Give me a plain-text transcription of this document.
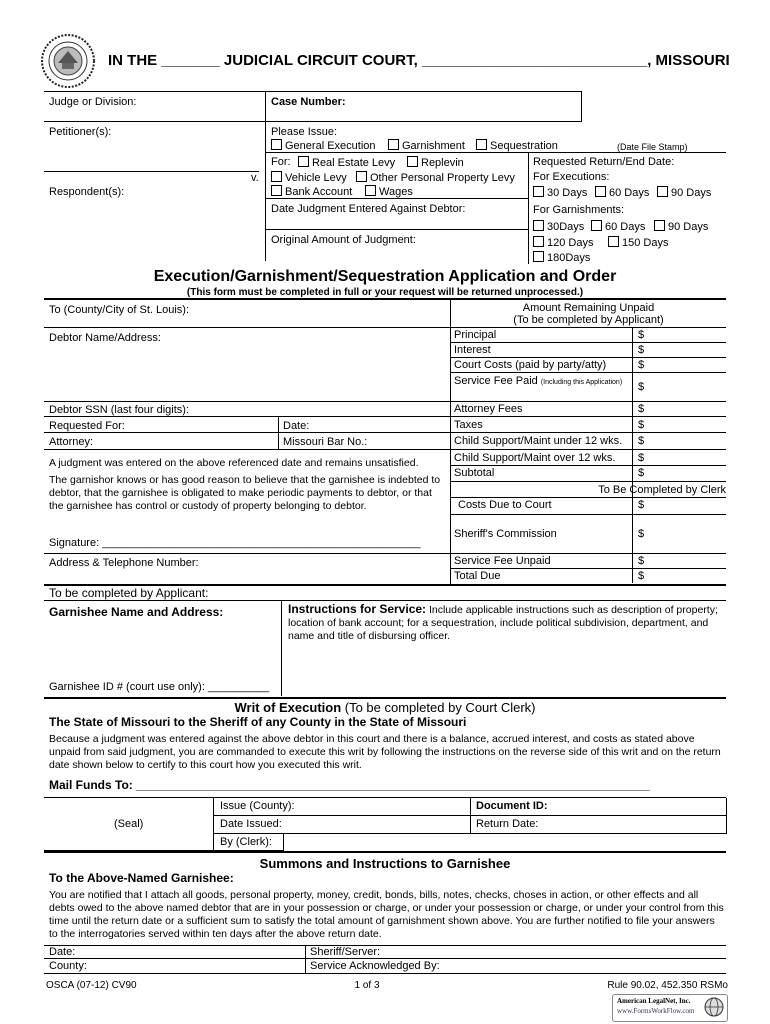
IN THE _______ JUDICIAL CIRCUIT COURT, ___________________________, MISSOURI
Judge or Division:	Case Number:
Petitioner(s):
v.
Respondent(s):
Please Issue:
General Execution	Garnishment	Sequestration	(Date File Stamp)
For:	Real Estate Levy	Replevin
Vehicle Levy	Other Personal Property Levy
Bank Account	Wages
Date Judgment Entered Against Debtor:
Original Amount of Judgment:
Requested Return/End Date:
For Executions:
30 Days	60 Days	90 Days
For Garnishments:
30Days	60 Days	90 Days
120 Days	150 Days
180Days
Execution/Garnishment/Sequestration Application and Order
(This form must be completed in full or your request will be returned unprocessed.)
To (County/City of St. Louis):	Amount Remaining Unpaid
(To be completed by Applicant)
Debtor Name/Address:	Principal	$
Interest	$
Court Costs (paid by party/atty)	$
Service Fee Paid (Including this Application) $
Attorney Fees	$
Taxes	$
Child Support/Maint under 12 wks. $
Child Support/Maint over 12 wks. $
Subtotal	$
To Be Completed by Clerk
Costs Due to Court	$
Sheriff's Commission	$
Service Fee Unpaid	$
Total Due	$
Debtor SSN (last four digits):
Requested For:	Date:
Attorney:	Missouri Bar No.:
A judgment was entered on the above referenced date and remains unsatisfied.
The garnishor knows or has good reason to believe that the garnishee is indebted to debtor, that the garnishee is obligated to make periodic payments to debtor, or that the garnishee has control or custody of property belonging to debtor.
Signature: ____________________________________________________
Address & Telephone Number:
To be completed by Applicant:
Garnishee Name and Address:	Instructions for Service: Include applicable instructions such as description of property; location of bank account; for a sequestration, include political subdivision, department, and name and title of disbursing officer.
Garnishee ID # (court use only): __________
Writ of Execution (To be completed by Court Clerk)
The State of Missouri to the Sheriff of any County in the State of Missouri
Because a judgment was entered against the above debtor in this court and there is a balance, accrued interest, and costs as stated above unpaid from said judgment, you are commanded to execute this writ by following the instructions on the reverse side of this writ and on the return date shown below to certify to this court how you executed this writ.
Mail Funds To: _____________________________________________________________________________
(Seal)
Issue (County):	Document ID:
Date Issued:	Return Date:
By (Clerk):
Summons and Instructions to Garnishee
To the Above-Named Garnishee:
You are notified that I attach all goods, personal property, money, credit, bonds, bills, notes, checks, choses in action, or other effects and all debts owed to the above named debtor that are in your possession or charge, or under your possession or charge, or under your control from this time until the return date or a sufficient sum to satisfy the total amount of garnishment shown above. You are further notified to file your answers to the interrogatories served within ten days after the above return date.
Date:	Sheriff/Server:
County:	Service Acknowledged By:
OSCA (07-12) CV90	1 of 3	Rule 90.02, 452.350 RSMo
American LegalNet, Inc.
www.FormsWorkFlow.com
